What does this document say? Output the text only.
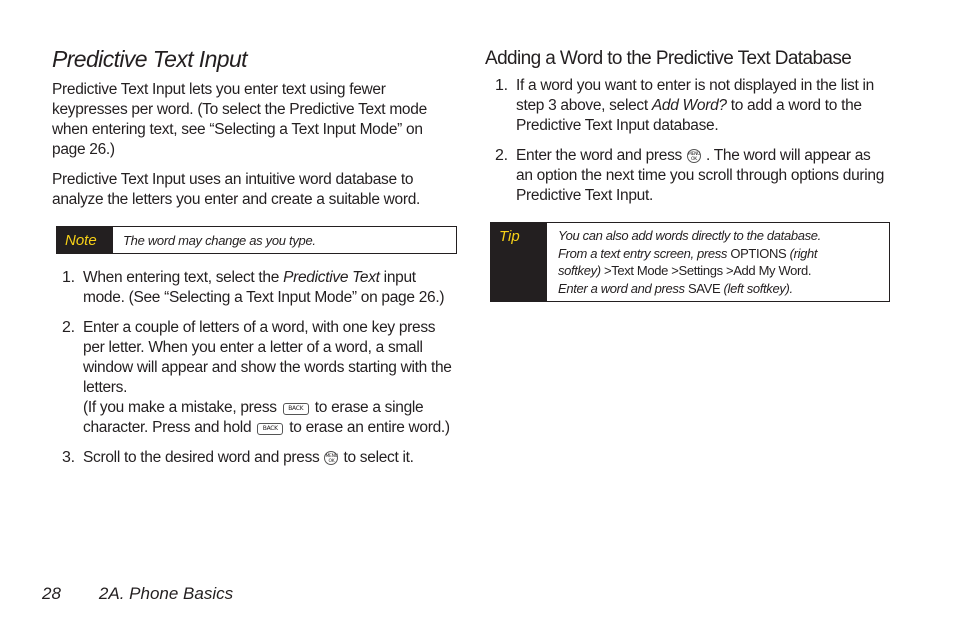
Predictive Text Input

Predictive Text Input lets you enter text using fewer keypresses per word. (To select the Predictive Text mode when entering text, see “Selecting a Text Input Mode” on page 26.)

Predictive Text Input uses an intuitive word database to analyze the letters you enter and create a suitable word.

Note	The word may change as you type.
1. When entering text, select the Predictive Text input mode. (See “Selecting a Text Input Mode” on page 26.)
2. Enter a couple of letters of a word, with one key press per letter. When you enter a letter of a word, a small window will appear and show the words starting with the letters.
(If you make a mistake, press BACK to erase a single character. Press and hold BACK to erase an entire word.)
3. Scroll to the desired word and press MENU
OK to select it.
Adding a Word to the Predictive Text Database
1. If a word you want to enter is not displayed in the list in step 3 above, select Add Word? to add a word to the Predictive Text Input database.
2. Enter the word and press MENU
OK . The word will appear as an option the next time you scroll through options during Predictive Text Input.
Tip	You can also add words directly to the database.
From a text entry screen, press OPTIONS (right
softkey) >Text Mode >Settings >Add My Word.
Enter a word and press SAVE (left softkey).
28 2A. Phone Basics
